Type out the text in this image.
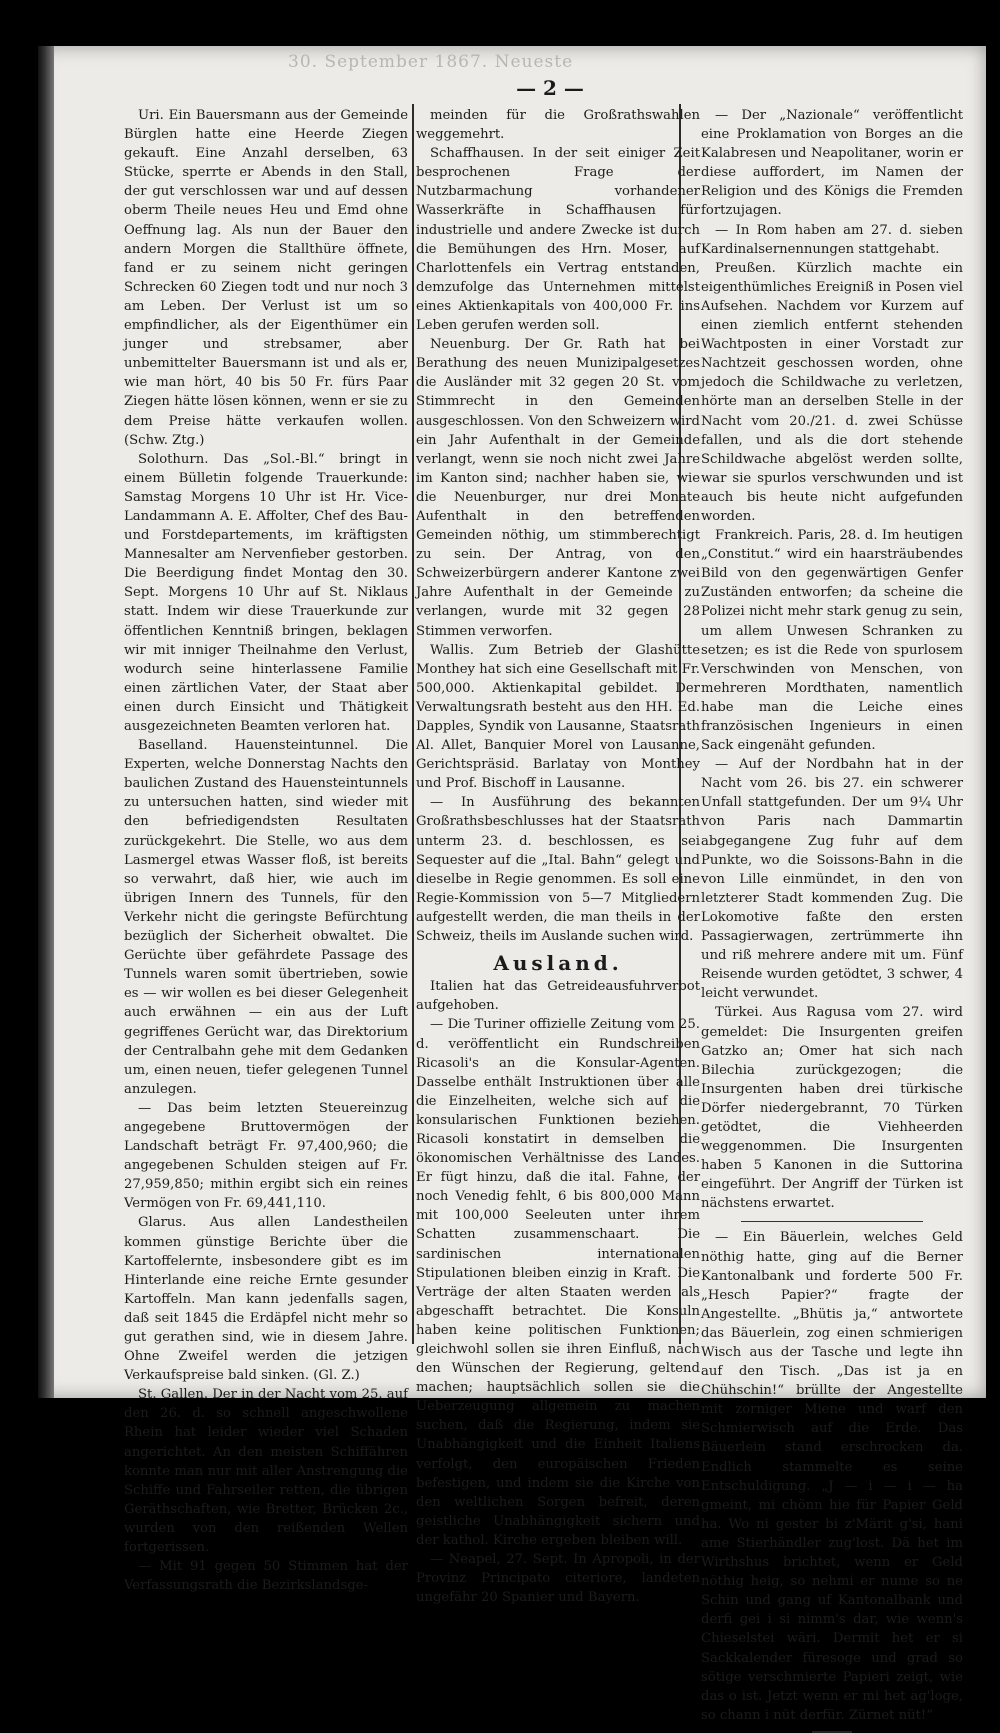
30. September 1867. Neueste
— 2 —

Uri. Ein Bauersmann aus der Gemeinde Bürglen hatte eine Heerde Ziegen gekauft. Eine Anzahl derselben, 63 Stücke, sperrte er Abends in den Stall, der gut verschlossen war und auf dessen oberm Theile neues Heu und Emd ohne Oeffnung lag. Als nun der Bauer den andern Morgen die Stallthüre öffnete, fand er zu seinem nicht geringen Schrecken 60 Ziegen todt und nur noch 3 am Leben. Der Verlust ist um so empfindlicher, als der Eigenthümer ein junger und strebsamer, aber unbemittelter Bauersmann ist und als er, wie man hört, 40 bis 50 Fr. fürs Paar Ziegen hätte lösen können, wenn er sie zu dem Preise hätte verkaufen wollen. (Schw. Ztg.)

Solothurn. Das „Sol.-Bl.“ bringt in einem Bülletin folgende Trauerkunde: Samstag Morgens 10 Uhr ist Hr. Vice-Landammann A. E. Affolter, Chef des Bau- und Forstdepartements, im kräftigsten Mannesalter am Nervenfieber gestorben. Die Beerdigung findet Montag den 30. Sept. Morgens 10 Uhr auf St. Niklaus statt. Indem wir diese Trauerkunde zur öffentlichen Kenntniß bringen, beklagen wir mit inniger Theilnahme den Verlust, wodurch seine hinterlassene Familie einen zärtlichen Vater, der Staat aber einen durch Einsicht und Thätigkeit ausgezeichneten Beamten verloren hat.

Baselland. Hauensteintunnel. Die Experten, welche Donnerstag Nachts den baulichen Zustand des Hauensteintunnels zu untersuchen hatten, sind wieder mit den befriedigendsten Resultaten zurückgekehrt. Die Stelle, wo aus dem Lasmergel etwas Wasser floß, ist bereits so verwahrt, daß hier, wie auch im übrigen Innern des Tunnels, für den Verkehr nicht die geringste Befürchtung bezüglich der Sicherheit obwaltet. Die Gerüchte über gefährdete Passage des Tunnels waren somit übertrieben, sowie es — wir wollen es bei dieser Gelegenheit auch erwähnen — ein aus der Luft gegriffenes Gerücht war, das Direktorium der Centralbahn gehe mit dem Gedanken um, einen neuen, tiefer gelegenen Tunnel anzulegen.

— Das beim letzten Steuereinzug angegebene Bruttovermögen der Landschaft beträgt Fr. 97,400,960; die angegebenen Schulden steigen auf Fr. 27,959,850; mithin ergibt sich ein reines Vermögen von Fr. 69,441,110.

Glarus. Aus allen Landestheilen kommen günstige Berichte über die Kartoffelernte, insbesondere gibt es im Hinterlande eine reiche Ernte gesunder Kartoffeln. Man kann jedenfalls sagen, daß seit 1845 die Erdäpfel nicht mehr so gut gerathen sind, wie in diesem Jahre. Ohne Zweifel werden die jetzigen Verkaufspreise bald sinken. (Gl. Z.)

St. Gallen. Der in der Nacht vom 25. auf den 26. d. so schnell angeschwollene Rhein hat leider wieder viel Schaden angerichtet. An den meisten Schiffähren konnte man nur mit aller Anstrengung die Schiffe und Fahrseiler retten, die übrigen Geräthschaften, wie Bretter, Brücken 2c., wurden von den reißenden Wellen fortgerissen.

— Mit 91 gegen 50 Stimmen hat der Verfassungsrath die Bezirkslandsge-

meinden für die Großrathswahlen weggemehrt.

Schaffhausen. In der seit einiger Zeit besprochenen Frage der Nutzbarmachung vorhandener Wasserkräfte in Schaffhausen für industrielle und andere Zwecke ist durch die Bemühungen des Hrn. Moser, auf Charlottenfels ein Vertrag entstanden, demzufolge das Unternehmen mittelst eines Aktienkapitals von 400,000 Fr. ins Leben gerufen werden soll.

Neuenburg. Der Gr. Rath hat bei Berathung des neuen Munizipalgesetzes die Ausländer mit 32 gegen 20 St. vom Stimmrecht in den Gemeinden ausgeschlossen. Von den Schweizern wird ein Jahr Aufenthalt in der Gemeinde verlangt, wenn sie noch nicht zwei Jahre im Kanton sind; nachher haben sie, wie die Neuenburger, nur drei Monate Aufenthalt in den betreffenden Gemeinden nöthig, um stimmberechtigt zu sein. Der Antrag, von den Schweizerbürgern anderer Kantone zwei Jahre Aufenthalt in der Gemeinde zu verlangen, wurde mit 32 gegen 28 Stimmen verworfen.

Wallis. Zum Betrieb der Glashütte Monthey hat sich eine Gesellschaft mit Fr. 500,000. Aktienkapital gebildet. Der Verwaltungsrath besteht aus den HH. Ed. Dapples, Syndik von Lausanne, Staatsrath Al. Allet, Banquier Morel von Lausanne, Gerichtspräsid. Barlatay von Monthey und Prof. Bischoff in Lausanne.

— In Ausführung des bekannten Großrathsbeschlusses hat der Staatsrath unterm 23. d. beschlossen, es sei Sequester auf die „Ital. Bahn“ gelegt und dieselbe in Regie genommen. Es soll eine Regie-Kommission von 5—7 Mitgliedern aufgestellt werden, die man theils in der Schweiz, theils im Auslande suchen wird.

Ausland.

Italien hat das Getreideausfuhrverbot aufgehoben.

— Die Turiner offizielle Zeitung vom 25. d. veröffentlicht ein Rundschreiben Ricasoli's an die Konsular-Agenten. Dasselbe enthält Instruktionen über alle die Einzelheiten, welche sich auf die konsularischen Funktionen beziehen. Ricasoli konstatirt in demselben die ökonomischen Verhältnisse des Landes. Er fügt hinzu, daß die ital. Fahne, der noch Venedig fehlt, 6 bis 800,000 Mann mit 100,000 Seeleuten unter ihrem Schatten zusammenschaart. Die sardinischen internationalen Stipulationen bleiben einzig in Kraft. Die Verträge der alten Staaten werden als abgeschafft betrachtet. Die Konsuln haben keine politischen Funktionen; gleichwohl sollen sie ihren Einfluß, nach den Wünschen der Regierung, geltend machen; hauptsächlich sollen sie die Ueberzeugung allgemein zu machen suchen, daß die Regierung, indem sie Unabhängigkeit und die Einheit Italiens verfolgt, den europäischen Frieden befestigen, und indem sie die Kirche von den weltlichen Sorgen befreit, deren geistliche Unabhängigkeit sichern und der kathol. Kirche ergeben bleiben will.

— Neapel, 27. Sept. In Apropoli, in der Provinz Principato citeriore, landeten ungefähr 20 Spanier und Bayern.

— Der „Nazionale“ veröffentlicht eine Proklamation von Borges an die Kalabresen und Neapolitaner, worin er diese auffordert, im Namen der Religion und des Königs die Fremden fortzujagen.

— In Rom haben am 27. d. sieben Kardinalsernennungen stattgehabt.

Preußen. Kürzlich machte ein eigenthümliches Ereigniß in Posen viel Aufsehen. Nachdem vor Kurzem auf einen ziemlich entfernt stehenden Wachtposten in einer Vorstadt zur Nachtzeit geschossen worden, ohne jedoch die Schildwache zu verletzen, hörte man an derselben Stelle in der Nacht vom 20./21. d. zwei Schüsse fallen, und als die dort stehende Schildwache abgelöst werden sollte, war sie spurlos verschwunden und ist auch bis heute nicht aufgefunden worden.

Frankreich. Paris, 28. d. Im heutigen „Constitut.“ wird ein haarsträubendes Bild von den gegenwärtigen Genfer Zuständen entworfen; da scheine die Polizei nicht mehr stark genug zu sein, um allem Unwesen Schranken zu setzen; es ist die Rede von spurlosem Verschwinden von Menschen, von mehreren Mordthaten, namentlich habe man die Leiche eines französischen Ingenieurs in einen Sack eingenäht gefunden.

— Auf der Nordbahn hat in der Nacht vom 26. bis 27. ein schwerer Unfall stattgefunden. Der um 9¼ Uhr von Paris nach Dammartin abgegangene Zug fuhr auf dem Punkte, wo die Soissons-Bahn in die von Lille einmündet, in den von letzterer Stadt kommenden Zug. Die Lokomotive faßte den ersten Passagierwagen, zertrümmerte ihn und riß mehrere andere mit um. Fünf Reisende wurden getödtet, 3 schwer, 4 leicht verwundet.

Türkei. Aus Ragusa vom 27. wird gemeldet: Die Insurgenten greifen Gatzko an; Omer hat sich nach Bilechia zurückgezogen; die Insurgenten haben drei türkische Dörfer niedergebrannt, 70 Türken getödtet, die Viehheerden weggenommen. Die Insurgenten haben 5 Kanonen in die Suttorina eingeführt. Der Angriff der Türken ist nächstens erwartet.

— Ein Bäuerlein, welches Geld nöthig hatte, ging auf die Berner Kantonalbank und forderte 500 Fr. „Hesch Papier?“ fragte der Angestellte. „Bhütis ja,“ antwortete das Bäuerlein, zog einen schmierigen Wisch aus der Tasche und legte ihn auf den Tisch. „Das ist ja en Chühschin!“ brüllte der Angestellte mit zorniger Miene und warf den Schmierwisch auf die Erde. Das Bäuerlein stand erschrocken da. Endlich stammelte es seine Entschuldigung. „J — i — i — ha gmeint, mi chönn hie für Papier Geld ha. Wo ni gester bi z'Märit g'si, hani ame Stierhändler zug'lost. Dä het im Wirthshus brichtet, wenn er Geld nöthig heig, so nehmi er nume so ne Schin und gang uf Kantonalbank und derfi gei i si nimm's dar, wie wenn's Chieselstei wäri. Dermit het er si Sackkalender füresoge und grad so sötige verschmierte Papieri zeigt, wie das o ist. Jetzt wenn er mi het ag'loge, so chann i nüt derfür. Zürnet nüt!“
